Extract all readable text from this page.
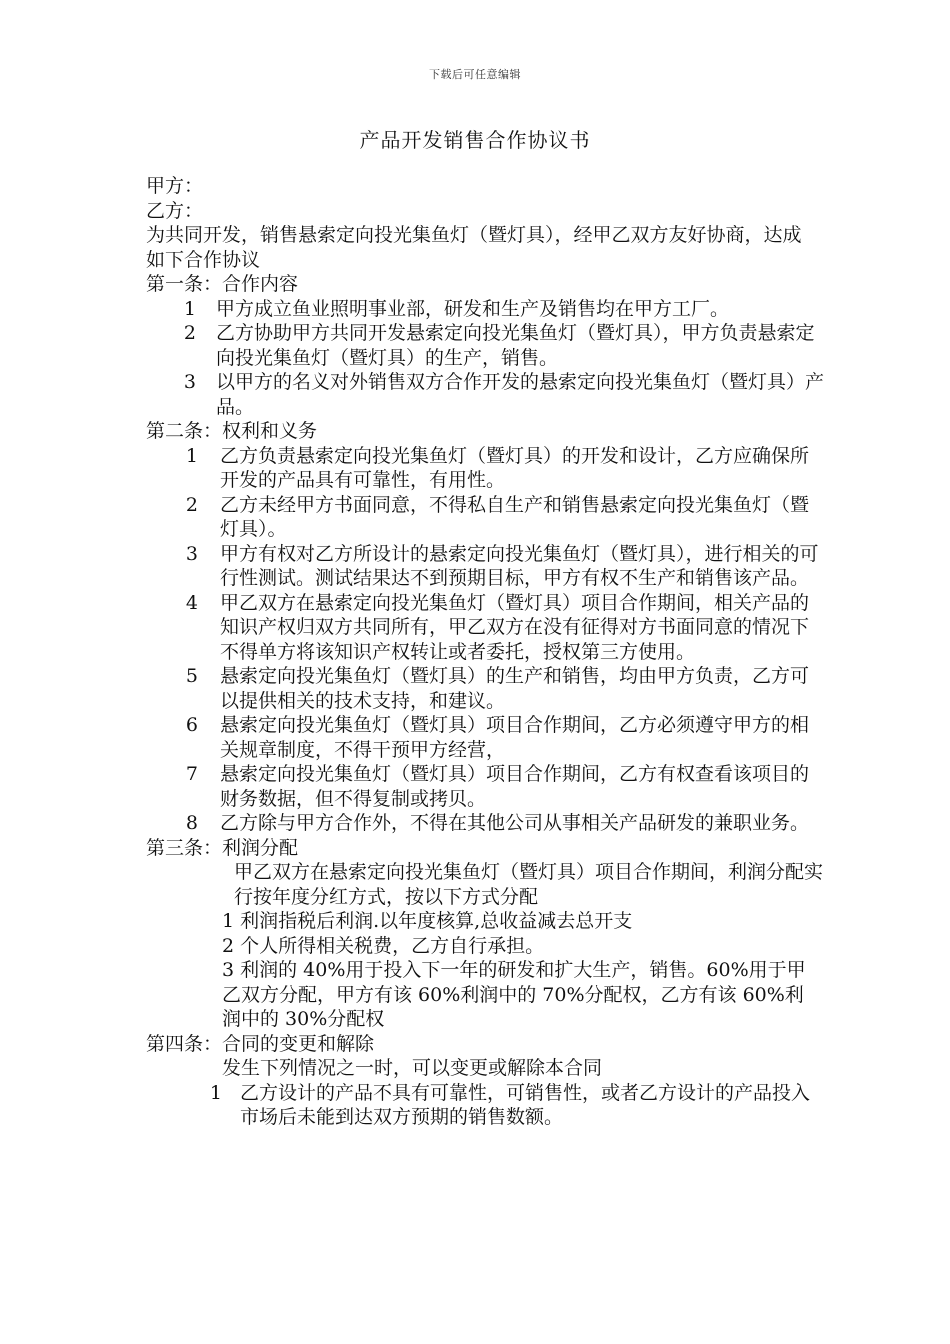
下载后可任意编辑
产品开发销售合作协议书
甲方：
乙方：
为共同开发，销售悬索定向投光集鱼灯（暨灯具），经甲乙双方友好协商，达成如下合作协议
第一条：合作内容
1	甲方成立鱼业照明事业部，研发和生产及销售均在甲方工厂。
2	乙方协助甲方共同开发悬索定向投光集鱼灯（暨灯具），甲方负责悬索定向投光集鱼灯（暨灯具）的生产，销售。
3	以甲方的名义对外销售双方合作开发的悬索定向投光集鱼灯（暨灯具）产品。
第二条：权利和义务
1	乙方负责悬索定向投光集鱼灯（暨灯具）的开发和设计，乙方应确保所开发的产品具有可靠性，有用性。
2	乙方未经甲方书面同意，不得私自生产和销售悬索定向投光集鱼灯（暨灯具）。
3	甲方有权对乙方所设计的悬索定向投光集鱼灯（暨灯具），进行相关的可行性测试。测试结果达不到预期目标，甲方有权不生产和销售该产品。
4	甲乙双方在悬索定向投光集鱼灯（暨灯具）项目合作期间，相关产品的知识产权归双方共同所有，甲乙双方在没有征得对方书面同意的情况下不得单方将该知识产权转让或者委托，授权第三方使用。
5	悬索定向投光集鱼灯（暨灯具）的生产和销售，均由甲方负责，乙方可以提供相关的技术支持，和建议。
6	悬索定向投光集鱼灯（暨灯具）项目合作期间，乙方必须遵守甲方的相关规章制度，不得干预甲方经营，
7	悬索定向投光集鱼灯（暨灯具）项目合作期间，乙方有权查看该项目的财务数据，但不得复制或拷贝。
8	乙方除与甲方合作外，不得在其他公司从事相关产品研发的兼职业务。
第三条：利润分配
甲乙双方在悬索定向投光集鱼灯（暨灯具）项目合作期间，利润分配实行按年度分红方式，按以下方式分配
1 利润指税后利润.以年度核算,总收益减去总开支
2 个人所得相关税费，乙方自行承担。
3 利润的 40%用于投入下一年的研发和扩大生产，销售。60%用于甲乙双方分配，甲方有该 60%利润中的 70%分配权，乙方有该 60%利润中的 30%分配权
第四条：合同的变更和解除
发生下列情况之一时，可以变更或解除本合同
1 乙方设计的产品不具有可靠性，可销售性，或者乙方设计的产品投入市场后未能到达双方预期的销售数额。
